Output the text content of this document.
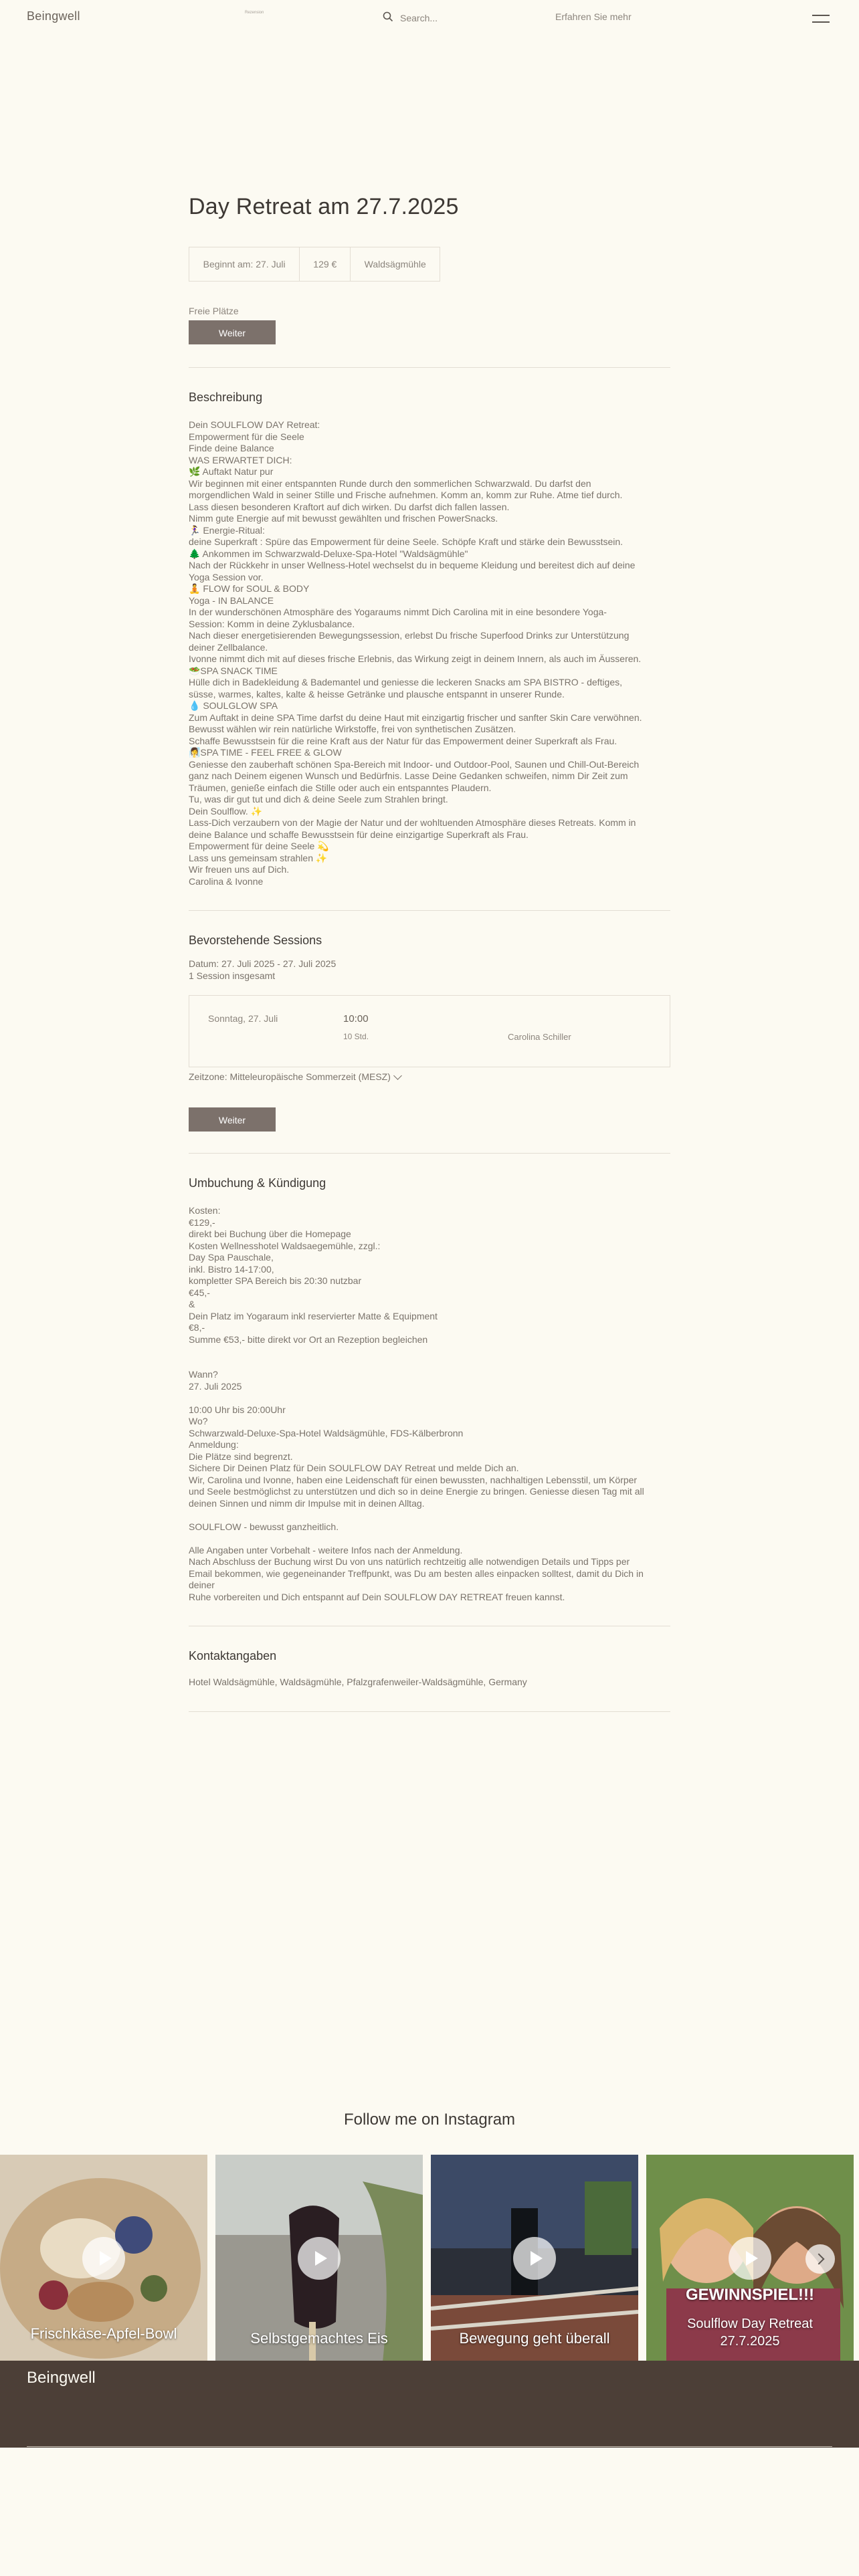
Beingwell	Rezension
Search...	Erfahren Sie mehr
Day Retreat am 27.7.2025
Beginnt am: 27. Juli	129 €	Waldsägmühle
Freie Plätze
Weiter
Beschreibung
Dein SOULFLOW DAY Retreat:
Empowerment für die Seele
Finde deine Balance
WAS ERWARTET DICH:
🌿 Auftakt Natur pur
Wir beginnen mit einer entspannten Runde durch den sommerlichen Schwarzwald. Du darfst den
morgendlichen Wald in seiner Stille und Frische aufnehmen. Komm an, komm zur Ruhe. Atme tief durch.
Lass diesen besonderen Kraftort auf dich wirken. Du darfst dich fallen lassen.
Nimm gute Energie auf mit bewusst gewählten und frischen PowerSnacks.
🏃‍♀️ Energie-Ritual:
deine Superkraft : Spüre das Empowerment für deine Seele. Schöpfe Kraft und stärke dein Bewusstsein.
🌲 Ankommen im Schwarzwald-Deluxe-Spa-Hotel "Waldsägmühle"
Nach der Rückkehr in unser Wellness-Hotel wechselst du in bequeme Kleidung und bereitest dich auf deine
Yoga Session vor.
🧘 FLOW for SOUL & BODY
Yoga - IN BALANCE
In der wunderschönen Atmosphäre des Yogaraums nimmt Dich Carolina mit in eine besondere Yoga-
Session: Komm in deine Zyklusbalance.
Nach dieser energetisierenden Bewegungssession, erlebst Du frische Superfood Drinks zur Unterstützung
deiner Zellbalance.
Ivonne nimmt dich mit auf dieses frische Erlebnis, das Wirkung zeigt in deinem Innern, als auch im Äusseren.
🥗SPA SNACK TIME
Hülle dich in Badekleidung & Bademantel und geniesse die leckeren Snacks am SPA BISTRO - deftiges,
süsse, warmes, kaltes, kalte & heisse Getränke und plausche entspannt in unserer Runde.
💧 SOULGLOW SPA
Zum Auftakt in deine SPA Time darfst du deine Haut mit einzigartig frischer und sanfter Skin Care verwöhnen.
Bewusst wählen wir rein natürliche Wirkstoffe, frei von synthetischen Zusätzen.
Schaffe Bewusstsein für die reine Kraft aus der Natur für das Empowerment deiner Superkraft als Frau.
🧖‍♀️SPA TIME - FEEL FREE & GLOW
Geniesse den zauberhaft schönen Spa-Bereich mit Indoor- und Outdoor-Pool, Saunen und Chill-Out-Bereich
ganz nach Deinem eigenen Wunsch und Bedürfnis. Lasse Deine Gedanken schweifen, nimm Dir Zeit zum
Träumen, genieße einfach die Stille oder auch ein entspanntes Plaudern.
Tu, was dir gut tut und dich & deine Seele zum Strahlen bringt.
Dein Soulflow. ✨
Lass-Dich verzaubern von der Magie der Natur und der wohltuenden Atmosphäre dieses Retreats. Komm in
deine Balance und schaffe Bewusstsein für deine einzigartige Superkraft als Frau.
Empowerment für deine Seele 💫
Lass uns gemeinsam strahlen ✨
Wir freuen uns auf Dich.
Carolina & Ivonne
Bevorstehende Sessions
Datum: 27. Juli 2025 - 27. Juli 2025
1 Session insgesamt
Sonntag, 27. Juli	10:00
10 Std.	Carolina Schiller
Zeitzone: Mitteleuropäische Sommerzeit (MESZ)
Weiter
Umbuchung & Kündigung
Kosten:
€129,-
direkt bei Buchung über die Homepage
Kosten Wellnesshotel Waldsaegemühle, zzgl.:
Day Spa Pauschale,
inkl. Bistro 14-17:00,
kompletter SPA Bereich bis 20:30 nutzbar
€45,-
&
Dein Platz im Yogaraum inkl reservierter Matte & Equipment
€8,-
Summe €53,- bitte direkt vor Ort an Rezeption begleichen
Wann?
27. Juli 2025
10:00 Uhr bis 20:00Uhr
Wo?
Schwarzwald-Deluxe-Spa-Hotel Waldsägmühle, FDS-Kälberbronn
Anmeldung:
Die Plätze sind begrenzt.
Sichere Dir Deinen Platz für Dein SOULFLOW DAY Retreat und melde Dich an.
Wir, Carolina und Ivonne, haben eine Leidenschaft für einen bewussten, nachhaltigen Lebensstil, um Körper
und Seele bestmöglichst zu unterstützen und dich so in deine Energie zu bringen. Geniesse diesen Tag mit all
deinen Sinnen und nimm dir Impulse mit in deinen Alltag.
SOULFLOW - bewusst ganzheitlich.
Alle Angaben unter Vorbehalt - weitere Infos nach der Anmeldung.
Nach Abschluss der Buchung wirst Du von uns natürlich rechtzeitig alle notwendigen Details und Tipps per
Email bekommen, wie gegeneinander Treffpunkt, was Du am besten alles einpacken solltest, damit du Dich in deiner
Ruhe vorbereiten und Dich entspannt auf Dein SOULFLOW DAY RETREAT freuen kannst.
Kontaktangaben
Hotel Waldsägmühle, Waldsägmühle, Pfalzgrafenweiler-Waldsägmühle, Germany
Follow me on Instagram
Frischkäse-Apfel-Bowl	Selbstgemachtes Eis	Bewegung geht überall
GEWINNSPIEL!!!
Soulflow Day Retreat
27.7.2025
Beingwell
